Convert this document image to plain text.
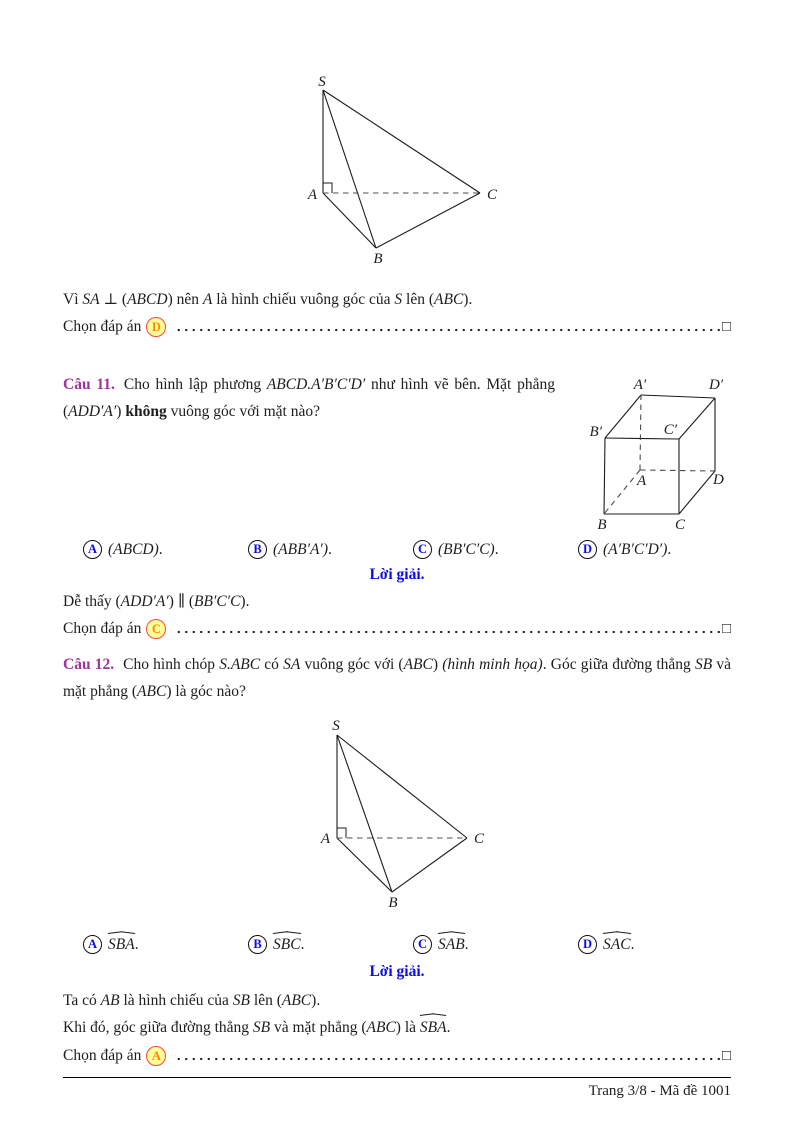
S
A
B
C
Vì SA ⊥ (ABCD) nên A là hình chiếu vuông góc của S lên (ABC).
Chọn đáp án D	□
Câu 11. Cho hình lập phương ABCD.A′B′C′D′ như hình vẽ bên. Mặt phẳng (ADD′A′) không vuông góc với mặt nào?
A′	D′
B′	C′
A	D
B	C
A (ABCD).	B (ABB′A′).	C (BB′C′C).	D (A′B′C′D′).
Lời giải.
Dễ thấy (ADD′A′) ∥ (BB′C′C).
Chọn đáp án C	□
Câu 12. Cho hình chóp S.ABC có SA vuông góc với (ABC) (hình minh họa). Góc giữa đường thẳng SB và mặt phẳng (ABC) là góc nào?
S
A
B
C
A SBA.	B SBC.	C SAB.	D SAC.
Lời giải.
Ta có AB là hình chiếu của SB lên (ABC).
Khi đó, góc giữa đường thẳng SB và mặt phẳng (ABC) là SBA.
Chọn đáp án A	□
Trang 3/8 - Mã đề 1001
